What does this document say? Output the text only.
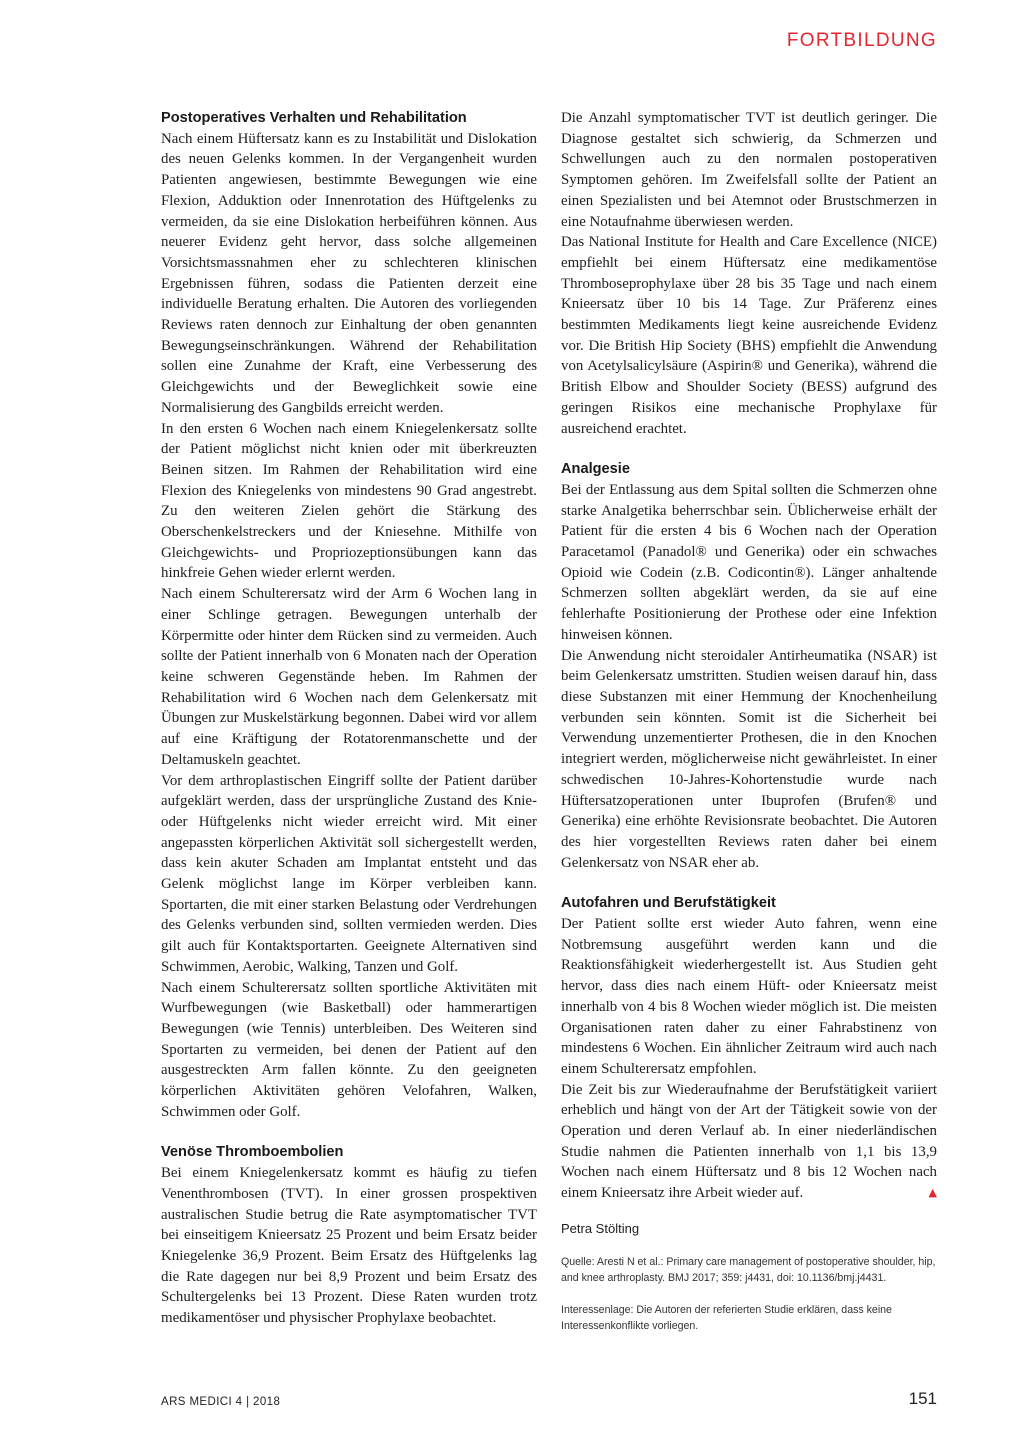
FORTBILDUNG
Postoperatives Verhalten und Rehabilitation

Nach einem Hüftersatz kann es zu Instabilität und Dislokation des neuen Gelenks kommen. In der Vergangenheit wurden Patienten angewiesen, bestimmte Bewegungen wie eine Flexion, Adduktion oder Innenrotation des Hüftgelenks zu vermeiden, da sie eine Dislokation herbeiführen können. Aus neuerer Evidenz geht hervor, dass solche allgemeinen Vorsichtsmassnahmen eher zu schlechteren klinischen Ergebnissen führen, sodass die Patienten derzeit eine individuelle Beratung erhalten. Die Autoren des vorliegenden Reviews raten dennoch zur Einhaltung der oben genannten Bewegungseinschränkungen. Während der Rehabilitation sollen eine Zunahme der Kraft, eine Verbesserung des Gleichgewichts und der Beweglichkeit sowie eine Normalisierung des Gangbilds erreicht werden.

In den ersten 6 Wochen nach einem Kniegelenkersatz sollte der Patient möglichst nicht knien oder mit überkreuzten Beinen sitzen. Im Rahmen der Rehabilitation wird eine Flexion des Kniegelenks von mindestens 90 Grad angestrebt. Zu den weiteren Zielen gehört die Stärkung des Oberschenkelstreckers und der Kniesehne. Mithilfe von Gleichgewichts- und Propriozeptionsübungen kann das hinkfreie Gehen wieder erlernt werden.

Nach einem Schulterersatz wird der Arm 6 Wochen lang in einer Schlinge getragen. Bewegungen unterhalb der Körpermitte oder hinter dem Rücken sind zu vermeiden. Auch sollte der Patient innerhalb von 6 Monaten nach der Operation keine schweren Gegenstände heben. Im Rahmen der Rehabilitation wird 6 Wochen nach dem Gelenkersatz mit Übungen zur Muskelstärkung begonnen. Dabei wird vor allem auf eine Kräftigung der Rotatorenmanschette und der Deltamuskeln geachtet.

Vor dem arthroplastischen Eingriff sollte der Patient darüber aufgeklärt werden, dass der ursprüngliche Zustand des Knie- oder Hüftgelenks nicht wieder erreicht wird. Mit einer angepassten körperlichen Aktivität soll sichergestellt werden, dass kein akuter Schaden am Implantat entsteht und das Gelenk möglichst lange im Körper verbleiben kann. Sportarten, die mit einer starken Belastung oder Verdrehungen des Gelenks verbunden sind, sollten vermieden werden. Dies gilt auch für Kontaktsportarten. Geeignete Alternativen sind Schwimmen, Aerobic, Walking, Tanzen und Golf.

Nach einem Schulterersatz sollten sportliche Aktivitäten mit Wurfbewegungen (wie Basketball) oder hammerartigen Bewegungen (wie Tennis) unterbleiben. Des Weiteren sind Sportarten zu vermeiden, bei denen der Patient auf den ausgestreckten Arm fallen könnte. Zu den geeigneten körperlichen Aktivitäten gehören Velofahren, Walken, Schwimmen oder Golf.

Venöse Thromboembolien

Bei einem Kniegelenkersatz kommt es häufig zu tiefen Venenthrombosen (TVT). In einer grossen prospektiven australischen Studie betrug die Rate asymptomatischer TVT bei einseitigem Knieersatz 25 Prozent und beim Ersatz beider Kniegelenke 36,9 Prozent. Beim Ersatz des Hüftgelenks lag die Rate dagegen nur bei 8,9 Prozent und beim Ersatz des Schultergelenks bei 13 Prozent. Diese Raten wurden trotz medikamentöser und physischer Prophylaxe beobachtet.

Die Anzahl symptomatischer TVT ist deutlich geringer. Die Diagnose gestaltet sich schwierig, da Schmerzen und Schwellungen auch zu den normalen postoperativen Symptomen gehören. Im Zweifelsfall sollte der Patient an einen Spezialisten und bei Atemnot oder Brustschmerzen in eine Notaufnahme überwiesen werden.

Das National Institute for Health and Care Excellence (NICE) empfiehlt bei einem Hüftersatz eine medikamentöse Thromboseprophylaxe über 28 bis 35 Tage und nach einem Knieersatz über 10 bis 14 Tage. Zur Präferenz eines bestimmten Medikaments liegt keine ausreichende Evidenz vor. Die British Hip Society (BHS) empfiehlt die Anwendung von Acetylsalicylsäure (Aspirin® und Generika), während die British Elbow and Shoulder Society (BESS) aufgrund des geringen Risikos eine mechanische Prophylaxe für ausreichend erachtet.

Analgesie

Bei der Entlassung aus dem Spital sollten die Schmerzen ohne starke Analgetika beherrschbar sein. Üblicherweise erhält der Patient für die ersten 4 bis 6 Wochen nach der Operation Paracetamol (Panadol® und Generika) oder ein schwaches Opioid wie Codein (z.B. Codicontin®). Länger anhaltende Schmerzen sollten abgeklärt werden, da sie auf eine fehlerhafte Positionierung der Prothese oder eine Infektion hinweisen können.

Die Anwendung nicht steroidaler Antirheumatika (NSAR) ist beim Gelenkersatz umstritten. Studien weisen darauf hin, dass diese Substanzen mit einer Hemmung der Knochenheilung verbunden sein könnten. Somit ist die Sicherheit bei Verwendung unzementierter Prothesen, die in den Knochen integriert werden, möglicherweise nicht gewährleistet. In einer schwedischen 10-Jahres-Kohortenstudie wurde nach Hüftersatzoperationen unter Ibuprofen (Brufen® und Generika) eine erhöhte Revisionsrate beobachtet. Die Autoren des hier vorgestellten Reviews raten daher bei einem Gelenkersatz von NSAR eher ab.

Autofahren und Berufstätigkeit

Der Patient sollte erst wieder Auto fahren, wenn eine Notbremsung ausgeführt werden kann und die Reaktionsfähigkeit wiederhergestellt ist. Aus Studien geht hervor, dass dies nach einem Hüft- oder Knieersatz meist innerhalb von 4 bis 8 Wochen wieder möglich ist. Die meisten Organisationen raten daher zu einer Fahrabstinenz von mindestens 6 Wochen. Ein ähnlicher Zeitraum wird auch nach einem Schulterersatz empfohlen.

Die Zeit bis zur Wiederaufnahme der Berufstätigkeit variiert erheblich und hängt von der Art der Tätigkeit sowie von der Operation und deren Verlauf ab. In einer niederländischen Studie nahmen die Patienten innerhalb von 1,1 bis 13,9 Wochen nach einem Hüftersatz und 8 bis 12 Wochen nach einem Knieersatz ihre Arbeit wieder auf.	▲

Petra Stölting
Quelle: Aresti N et al.: Primary care management of postoperative shoulder, hip, and knee arthroplasty. BMJ 2017; 359: j4431, doi: 10.1136/bmj.j4431.
Interessenlage: Die Autoren der referierten Studie erklären, dass keine Interessenkonflikte vorliegen.
ARS MEDICI 4 | 2018	151
